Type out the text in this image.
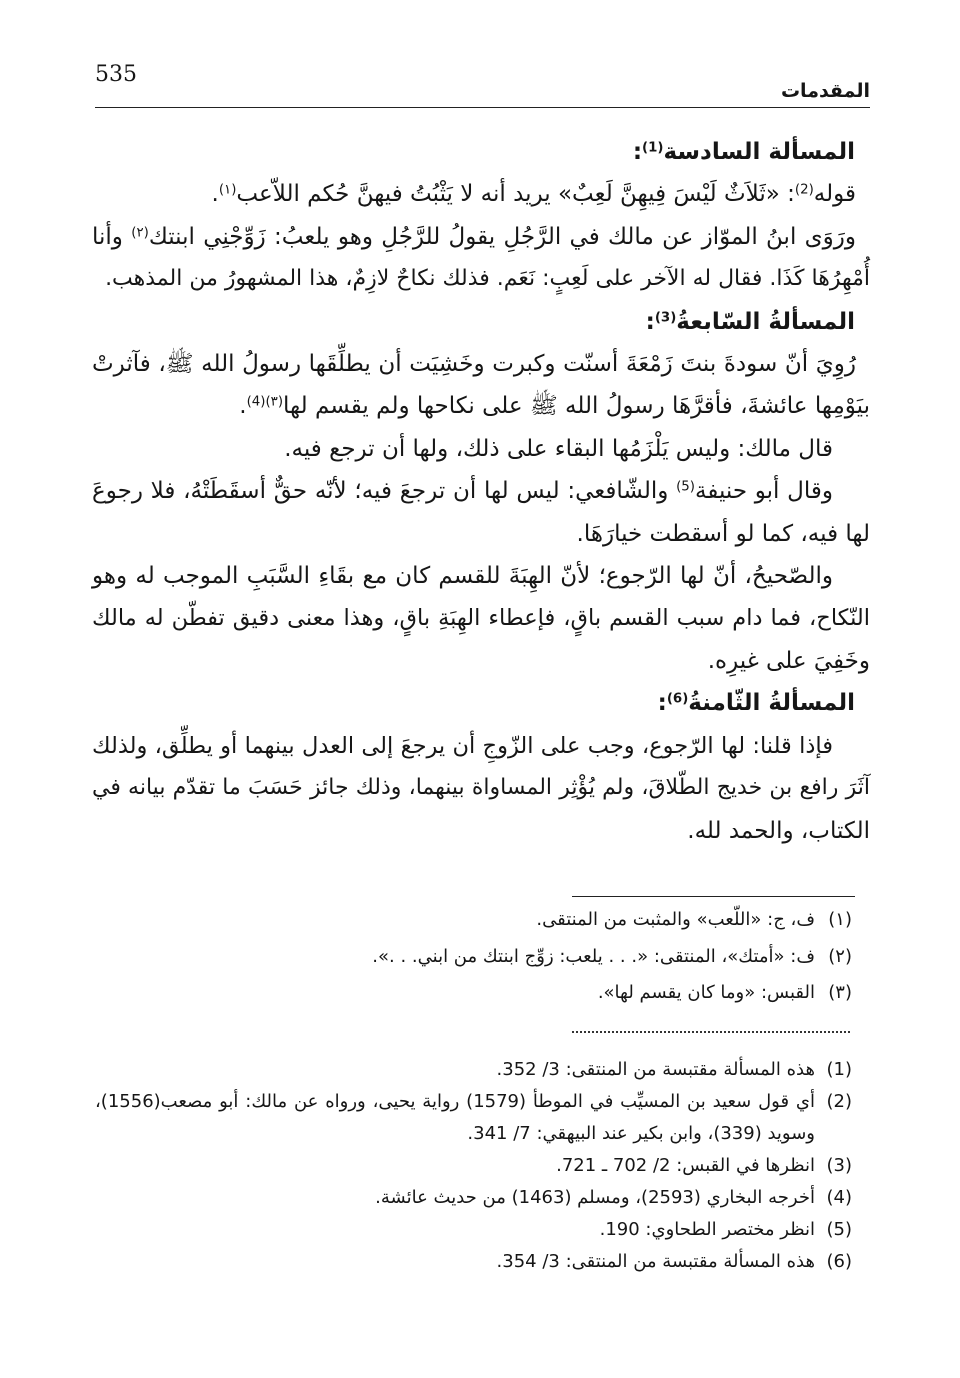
535
المقدمات
المسألة السادسة$^{(1)}$:
قوله$^{(2)}$: «ثَلاَثٌ لَيْسَ فِيهِنَّ لَعِبٌ» يريد أنه لا يَثْبُتُ فيهنَّ حُكم اللاّعب$^{(١)}$.
ورَوَى ابنُ الموّاز عن مالك في الرَّجُلِ يقولُ للرَّجُلِ وهو يلعبُ: زَوِّجْنِي ابنتك$^{(٢)}$ وأنا
أُمْهِرُهَا كَذَا. فقال له الآخر على لَعِبٍ: نَعَم. فذلك نكاحٌ لازِمٌ، هذا المشهورُ من المذهب.
المسألةُ السّابعةُ$^{(3)}$:
رُوِيَ أنّ سودةَ بنتَ زَمْعَةَ أسنّت وكبرت وخَشِيَت أن يطلِّقَها رسولُ الله ﷺ، فآثرتْ
بيَوْمِها عائشةَ، فأقرَّهَا رسولُ الله ﷺ على نكاحها ولم يقسم لها$^{(٣)(4)}$.
قال مالك: وليس يَلْزَمُها البقاء على ذلك، ولها أن ترجع فيه.
وقال أبو حنيفة$^{(5)}$ والشّافعي: ليس لها أن ترجعَ فيه؛ لأنّه حقٌّ أسقَطَتْهُ، فلا رجوعَ
لها فيه، كما لو أسقطت خيارَهَا.
والصّحيحُ، أنّ لها الرّجوع؛ لأنّ الهِبَةَ للقسم كان مع بقَاءِ السَّبَبِ الموجب له وهو
النّكاح، فما دام سبب القسم باقٍ، فإعطاء الهِبَةِ باقٍ، وهذا معنى دقيق تفطّن له مالك
وخَفِيَ على غيرِه.
المسألةُ الثّامنةُ$^{(6)}$:
فإذا قلنا: لها الرّجوع، وجب على الزّوجِ أن يرجعَ إلى العدل بينهما أو يطلِّق، ولذلك
آثَرَ رافع بن خديج الطّلاقَ، ولم يُؤْثِر المساواة بينهما، وذلك جائز حَسَبَ ما تقدّم بيانه في
الكتاب، والحمد لله.
(١)
ف، ج: «اللّعب» والمثبت من المنتقى.
(٢)
ف: «أمتك»، المنتقى: «. . . يلعب: زوِّج ابنتك من ابني. . .».
(٣)
القبس: «وما كان يقسم لها».
(1)
هذه المسألة مقتبسة من المنتقى: 3/ 352.
(2)
أي قول سعيد بن المسيِّب في الموطأ (1579) رواية يحيى، ورواه عن مالك: أبو مصعب(1556)،
وسويد (339)، وابن بكير عند البيهقي: 7/ 341.
(3)
انظرها في القبس: 2/ 702 ـ 721.
(4)
أخرجه البخاري (2593)، ومسلم (1463) من حديث عائشة.
(5)
انظر مختصر الطحاوي: 190.
(6)
هذه المسألة مقتبسة من المنتقى: 3/ 354.
